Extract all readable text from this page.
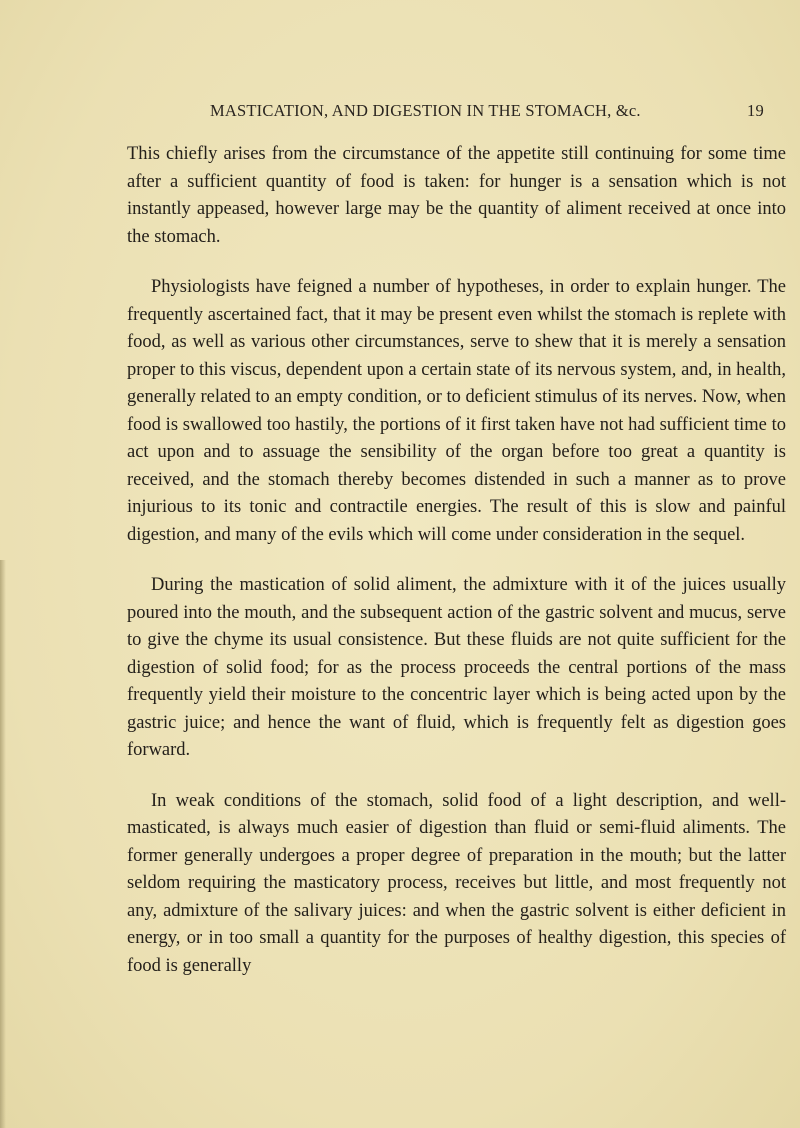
MASTICATION, AND DIGESTION IN THE STOMACH, &c.	19

This chiefly arises from the circumstance of the appetite still continuing for some time after a sufficient quantity of food is taken: for hunger is a sensation which is not instantly appeased, however large may be the quantity of aliment received at once into the stomach.

Physiologists have feigned a number of hypotheses, in order to explain hunger. The frequently ascertained fact, that it may be present even whilst the stomach is replete with food, as well as various other circumstances, serve to shew that it is merely a sensation proper to this viscus, dependent upon a certain state of its nervous system, and, in health, generally related to an empty condition, or to deficient stimulus of its nerves. Now, when food is swallowed too hastily, the portions of it first taken have not had sufficient time to act upon and to assuage the sensibility of the organ before too great a quantity is received, and the stomach thereby becomes distended in such a manner as to prove injurious to its tonic and contractile energies. The result of this is slow and painful digestion, and many of the evils which will come under consideration in the sequel.

During the mastication of solid aliment, the admixture with it of the juices usually poured into the mouth, and the subsequent action of the gastric solvent and mucus, serve to give the chyme its usual consistence. But these fluids are not quite sufficient for the digestion of solid food; for as the process proceeds the central portions of the mass frequently yield their moisture to the concentric layer which is being acted upon by the gastric juice; and hence the want of fluid, which is frequently felt as digestion goes forward.

In weak conditions of the stomach, solid food of a light description, and well-masticated, is always much easier of digestion than fluid or semi-fluid aliments. The former generally undergoes a proper degree of preparation in the mouth; but the latter seldom requiring the masticatory process, receives but little, and most frequently not any, admixture of the salivary juices: and when the gastric solvent is either deficient in energy, or in too small a quantity for the purposes of healthy digestion, this species of food is generally
